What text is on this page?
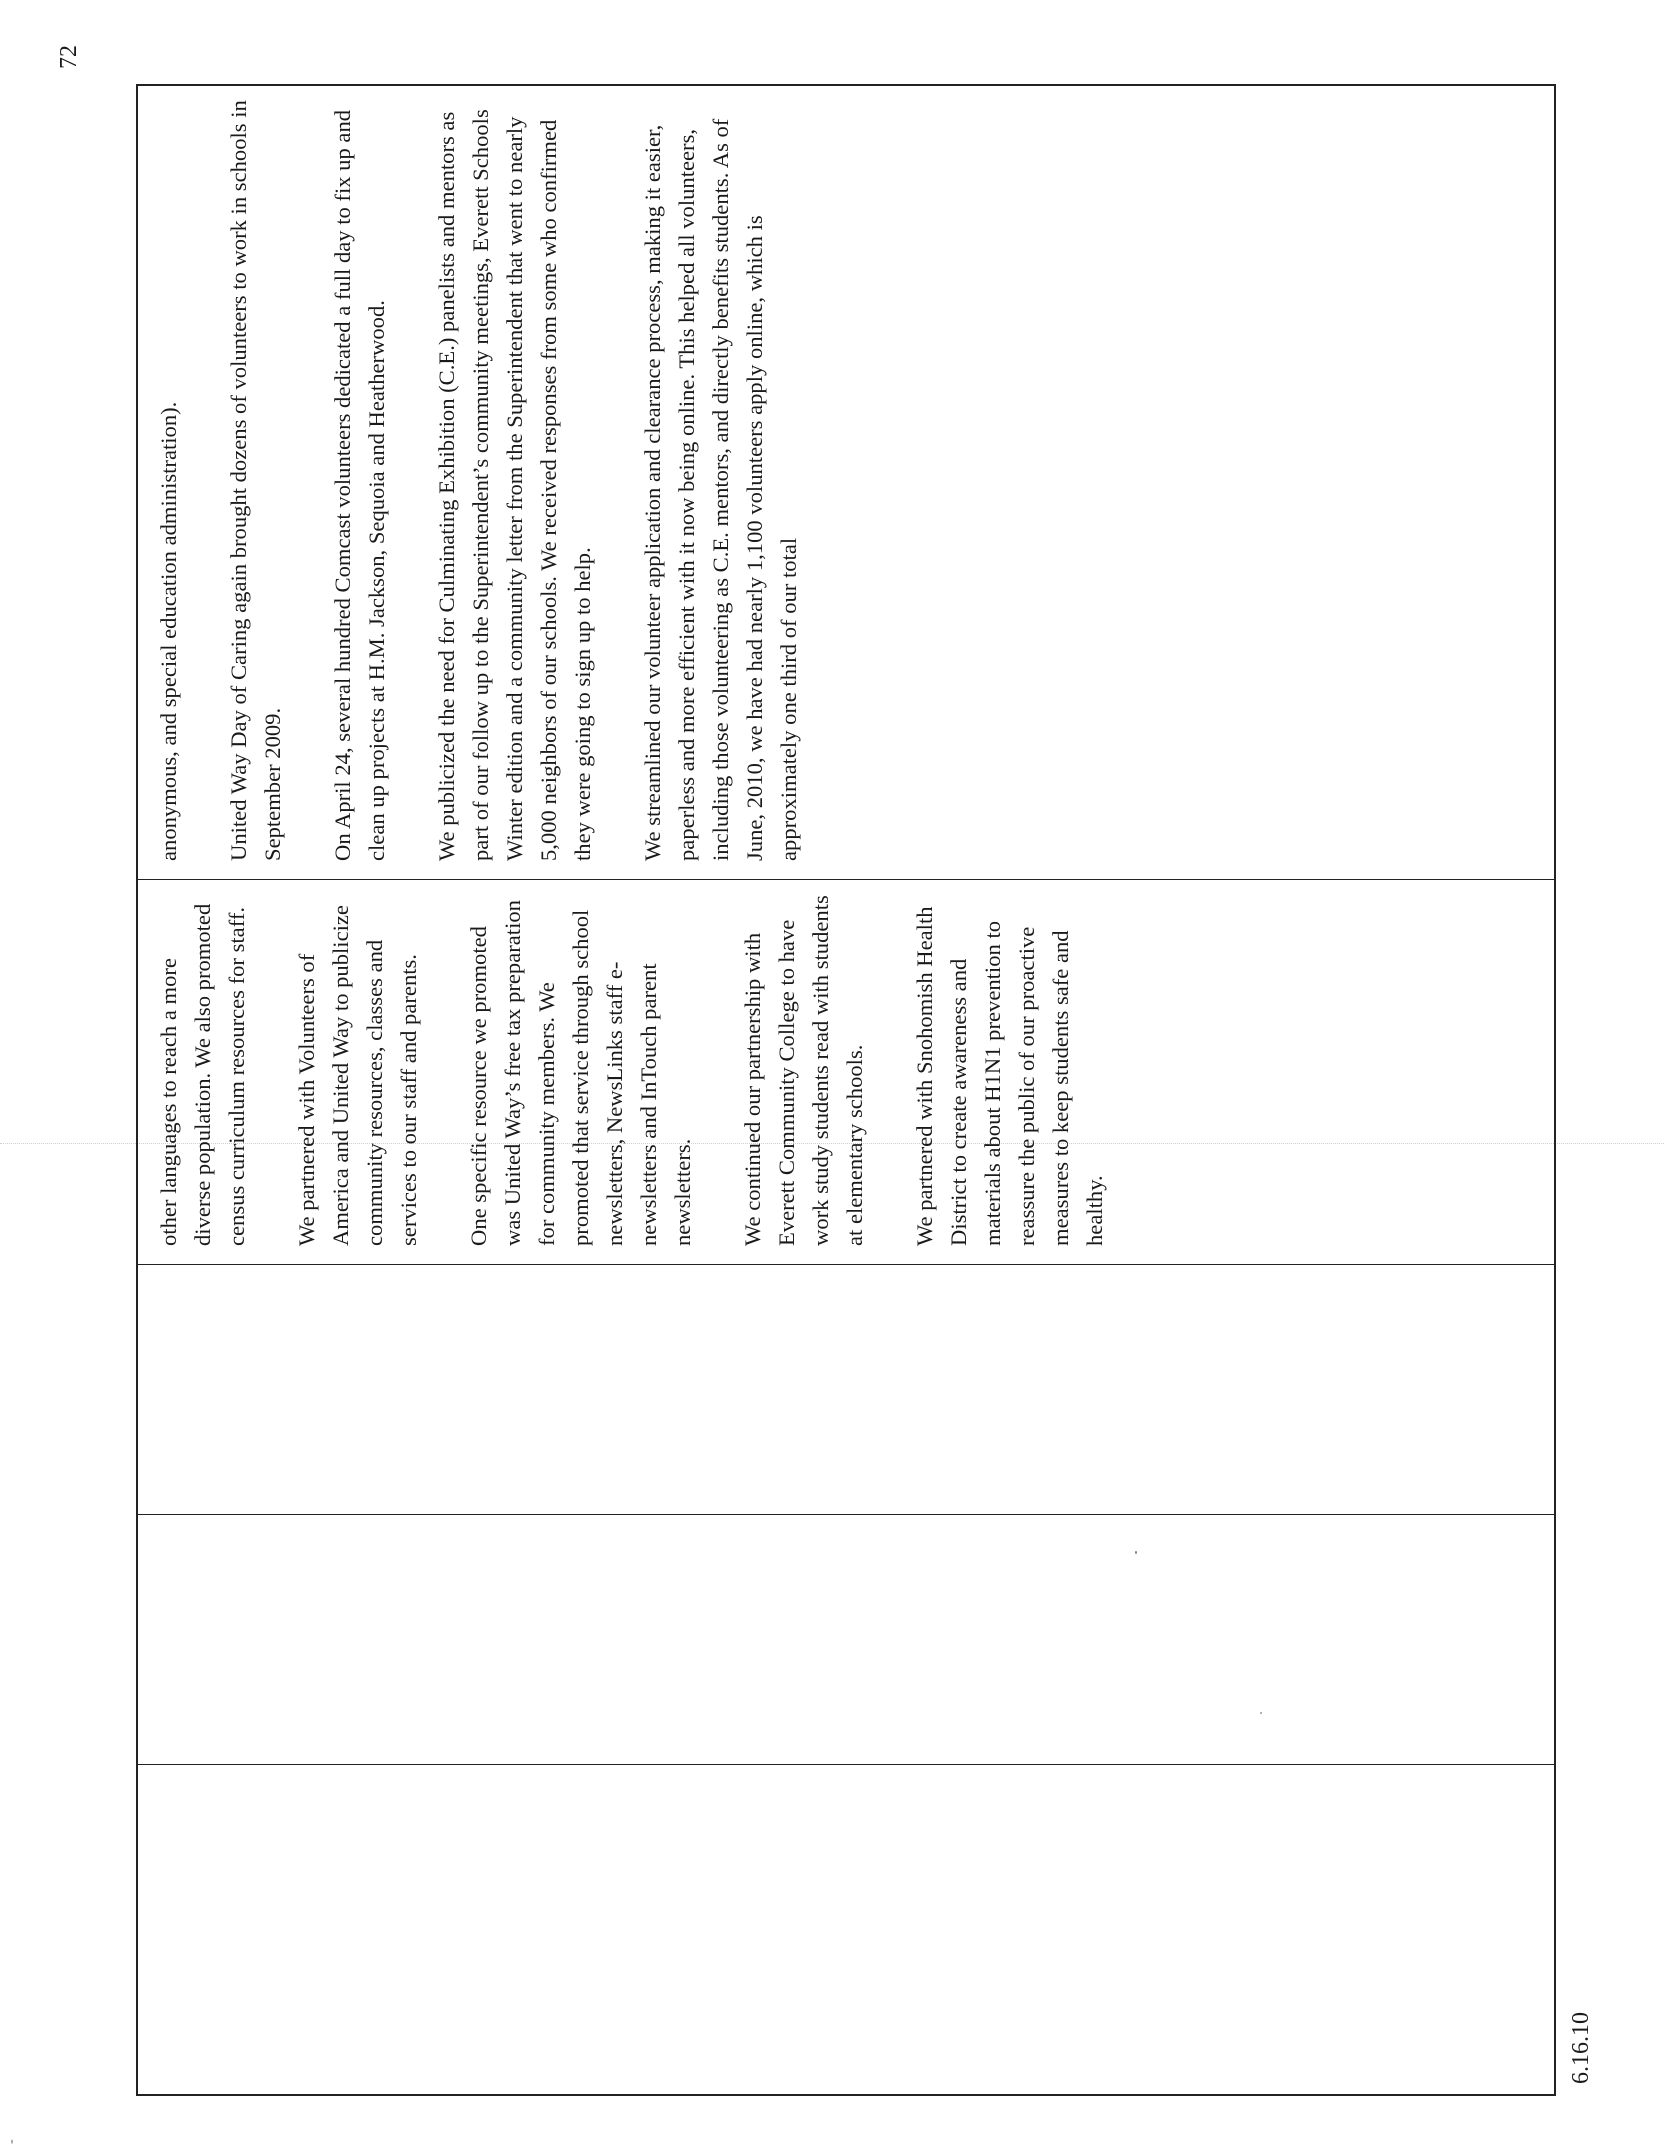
-
72

other languages to reach a more diverse population. We also promoted census curriculum resources for staff. We partnered with Volunteers of America and United Way to publicize community resources, classes and services to our staff and parents. One specific resource we promoted was United Way’s free tax preparation for community members. We promoted that service through school newsletters, NewsLinks staff e-newsletters and InTouch parent newsletters. We continued our partnership with Everett Community College to have work study students read with students at elementary schools. We partnered with Snohomish Health District to create awareness and materials about H1N1 prevention to reassure the public of our proactive measures to keep students safe and healthy.

anonymous, and special education administration). United Way Day of Caring again brought dozens of volunteers to work in schools in September 2009. On April 24, several hundred Comcast volunteers dedicated a full day to fix up and clean up projects at H.M. Jackson, Sequoia and Heatherwood. We publicized the need for Culminating Exhibition (C.E.) panelists and mentors as part of our follow up to the Superintendent’s community meetings, Everett Schools Winter edition and a community letter from the Superintendent that went to nearly 5,000 neighbors of our schools. We received responses from some who confirmed they were going to sign up to help. We streamlined our volunteer application and clearance process, making it easier, paperless and more efficient with it now being online. This helped all volunteers, including those volunteering as C.E. mentors, and directly benefits students. As of June, 2010, we have had nearly 1,100 volunteers apply online, which is approximately one third of our total

6.16.10
